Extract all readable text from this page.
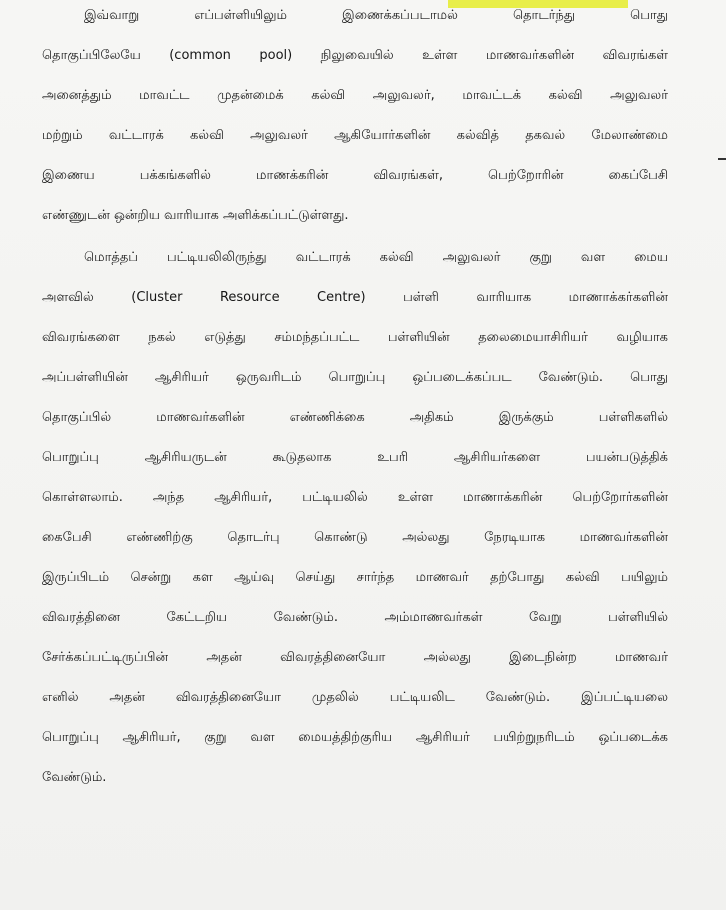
இவ்வாறு எப்பள்ளியிலும் இணைக்கப்படாமல் தொடர்ந்து பொது
தொகுப்பிலேயே (common pool) நிலுவையில் உள்ள மாணவர்களின் விவரங்கள்
அனைத்தும் மாவட்ட முதன்மைக் கல்வி அலுவலர், மாவட்டக் கல்வி அலுவலர்
மற்றும் வட்டாரக் கல்வி அலுவலர் ஆகியோர்களின் கல்வித் தகவல் மேலாண்மை
இணைய பக்கங்களில் மாணக்கரின் விவரங்கள், பெற்றோரின் கைப்பேசி
எண்ணுடன் ஒன்றிய வாரியாக அளிக்கப்பட்டுள்ளது.
மொத்தப் பட்டியலிலிருந்து வட்டாரக் கல்வி அலுவலர் குறு வள மைய
அளவில் (Cluster Resource Centre) பள்ளி வாரியாக மாணாக்கர்களின்
விவரங்களை நகல் எடுத்து சம்மந்தப்பட்ட பள்ளியின் தலைமையாசிரியர் வழியாக
அப்பள்ளியின் ஆசிரியர் ஒருவரிடம் பொறுப்பு ஒப்படைக்கப்பட வேண்டும். பொது
தொகுப்பில் மாணவர்களின் எண்ணிக்கை அதிகம் இருக்கும் பள்ளிகளில்
பொறுப்பு ஆசிரியருடன் கூடுதலாக உபரி ஆசிரியர்களை பயன்படுத்திக்
கொள்ளலாம். அந்த ஆசிரியர், பட்டியலில் உள்ள மாணாக்கரின் பெற்றோர்களின்
கைபேசி எண்ணிற்கு தொடர்பு கொண்டு அல்லது நேரடியாக மாணவர்களின்
இருப்பிடம் சென்று கள ஆய்வு செய்து சார்ந்த மாணவர் தற்போது கல்வி பயிலும்
விவரத்தினை கேட்டறிய வேண்டும். அம்மாணவர்கள் வேறு பள்ளியில்
சேர்க்கப்பட்டிருப்பின் அதன் விவரத்தினையோ அல்லது இடைநின்ற மாணவர்
எனில் அதன் விவரத்தினையோ முதலில் பட்டியலிட வேண்டும். இப்பட்டியலை
பொறுப்பு ஆசிரியர், குறு வள மையத்திற்குரிய ஆசிரியர் பயிற்றுநரிடம் ஒப்படைக்க
வேண்டும்.
